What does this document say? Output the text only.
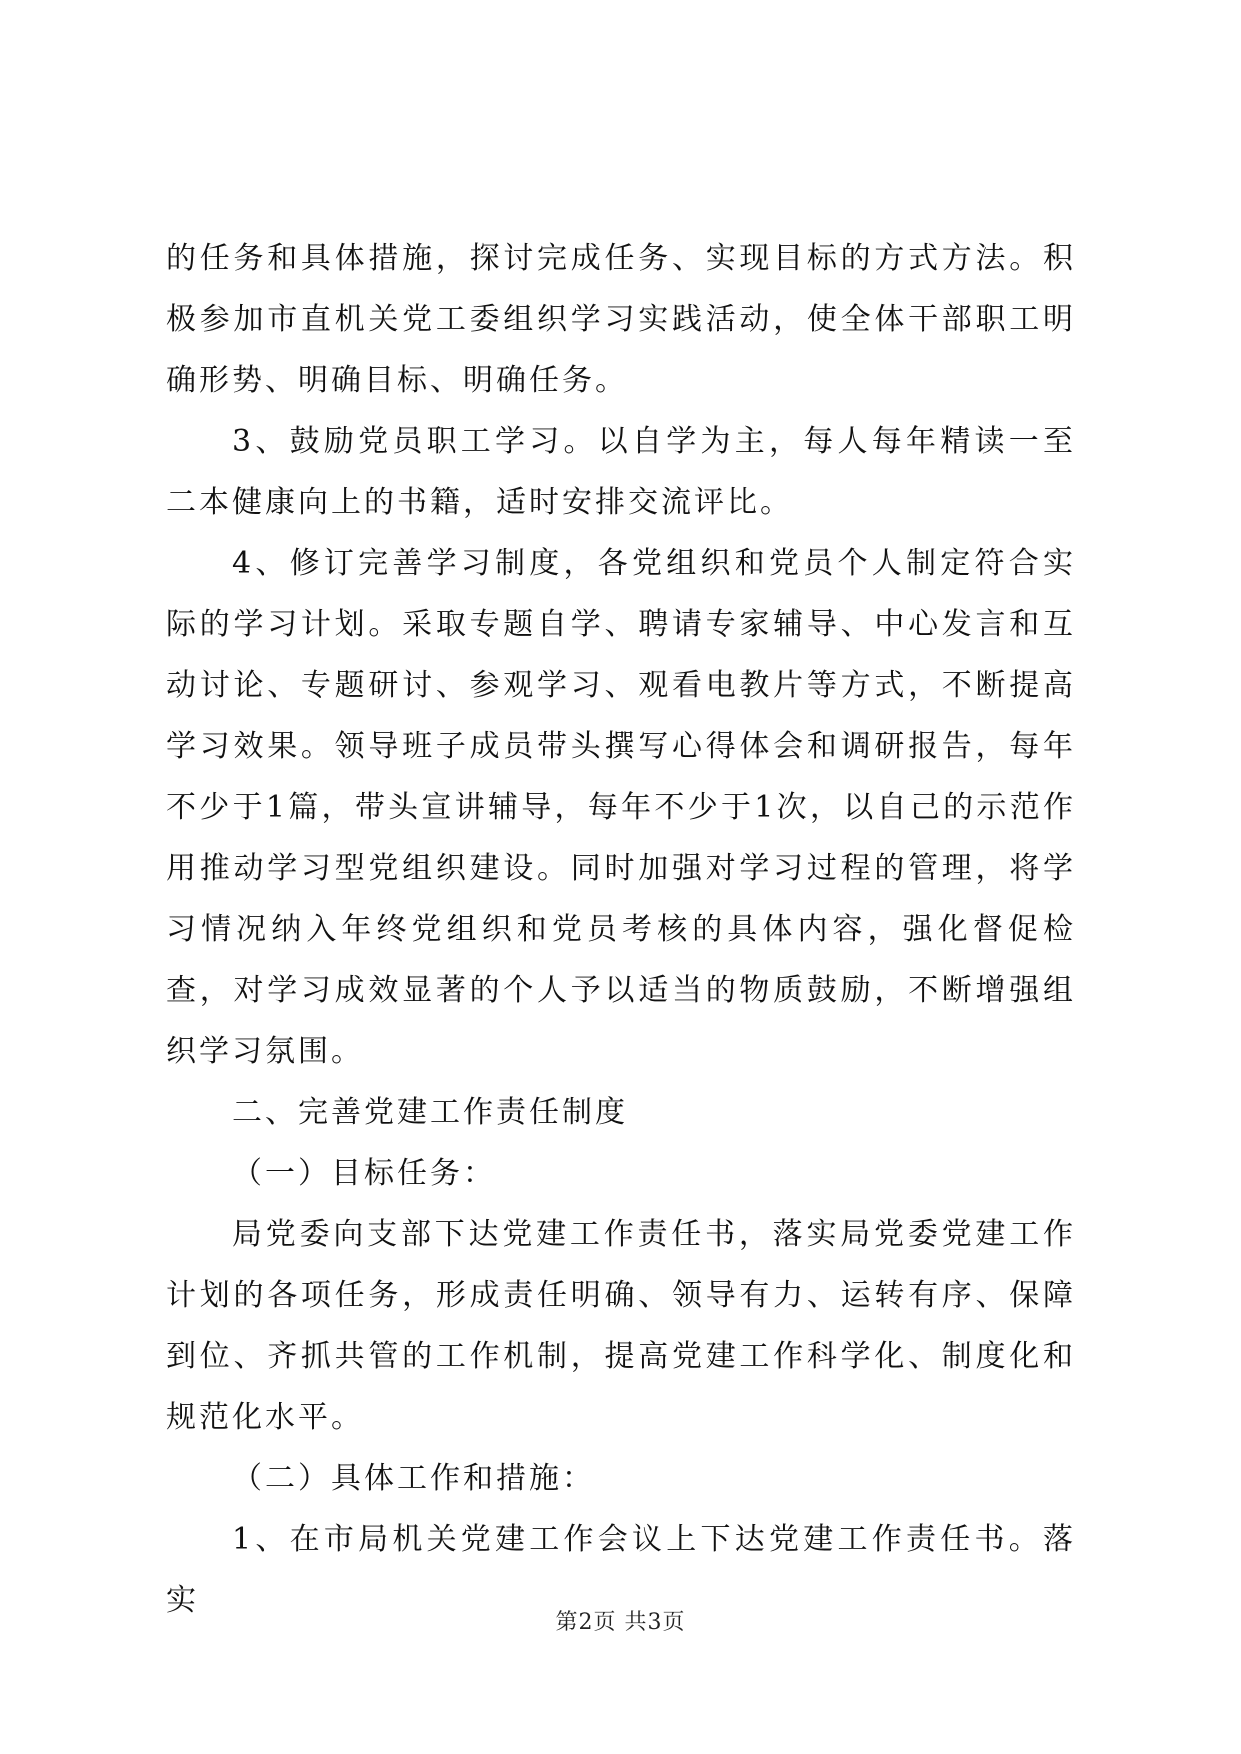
的任务和具体措施，探讨完成任务、实现目标的方式方法。积极参加市直机关党工委组织学习实践活动，使全体干部职工明确形势、明确目标、明确任务。

3、鼓励党员职工学习。以自学为主，每人每年精读一至二本健康向上的书籍，适时安排交流评比。

4、修订完善学习制度，各党组织和党员个人制定符合实际的学习计划。采取专题自学、聘请专家辅导、中心发言和互动讨论、专题研讨、参观学习、观看电教片等方式，不断提高学习效果。领导班子成员带头撰写心得体会和调研报告，每年不少于1篇，带头宣讲辅导，每年不少于1次，以自己的示范作用推动学习型党组织建设。同时加强对学习过程的管理，将学习情况纳入年终党组织和党员考核的具体内容，强化督促检查，对学习成效显著的个人予以适当的物质鼓励，不断增强组织学习氛围。

二、完善党建工作责任制度

（一）目标任务：

局党委向支部下达党建工作责任书，落实局党委党建工作计划的各项任务，形成责任明确、领导有力、运转有序、保障到位、齐抓共管的工作机制，提高党建工作科学化、制度化和规范化水平。

（二）具体工作和措施：

1、在市局机关党建工作会议上下达党建工作责任书。落实

第2页 共3页
